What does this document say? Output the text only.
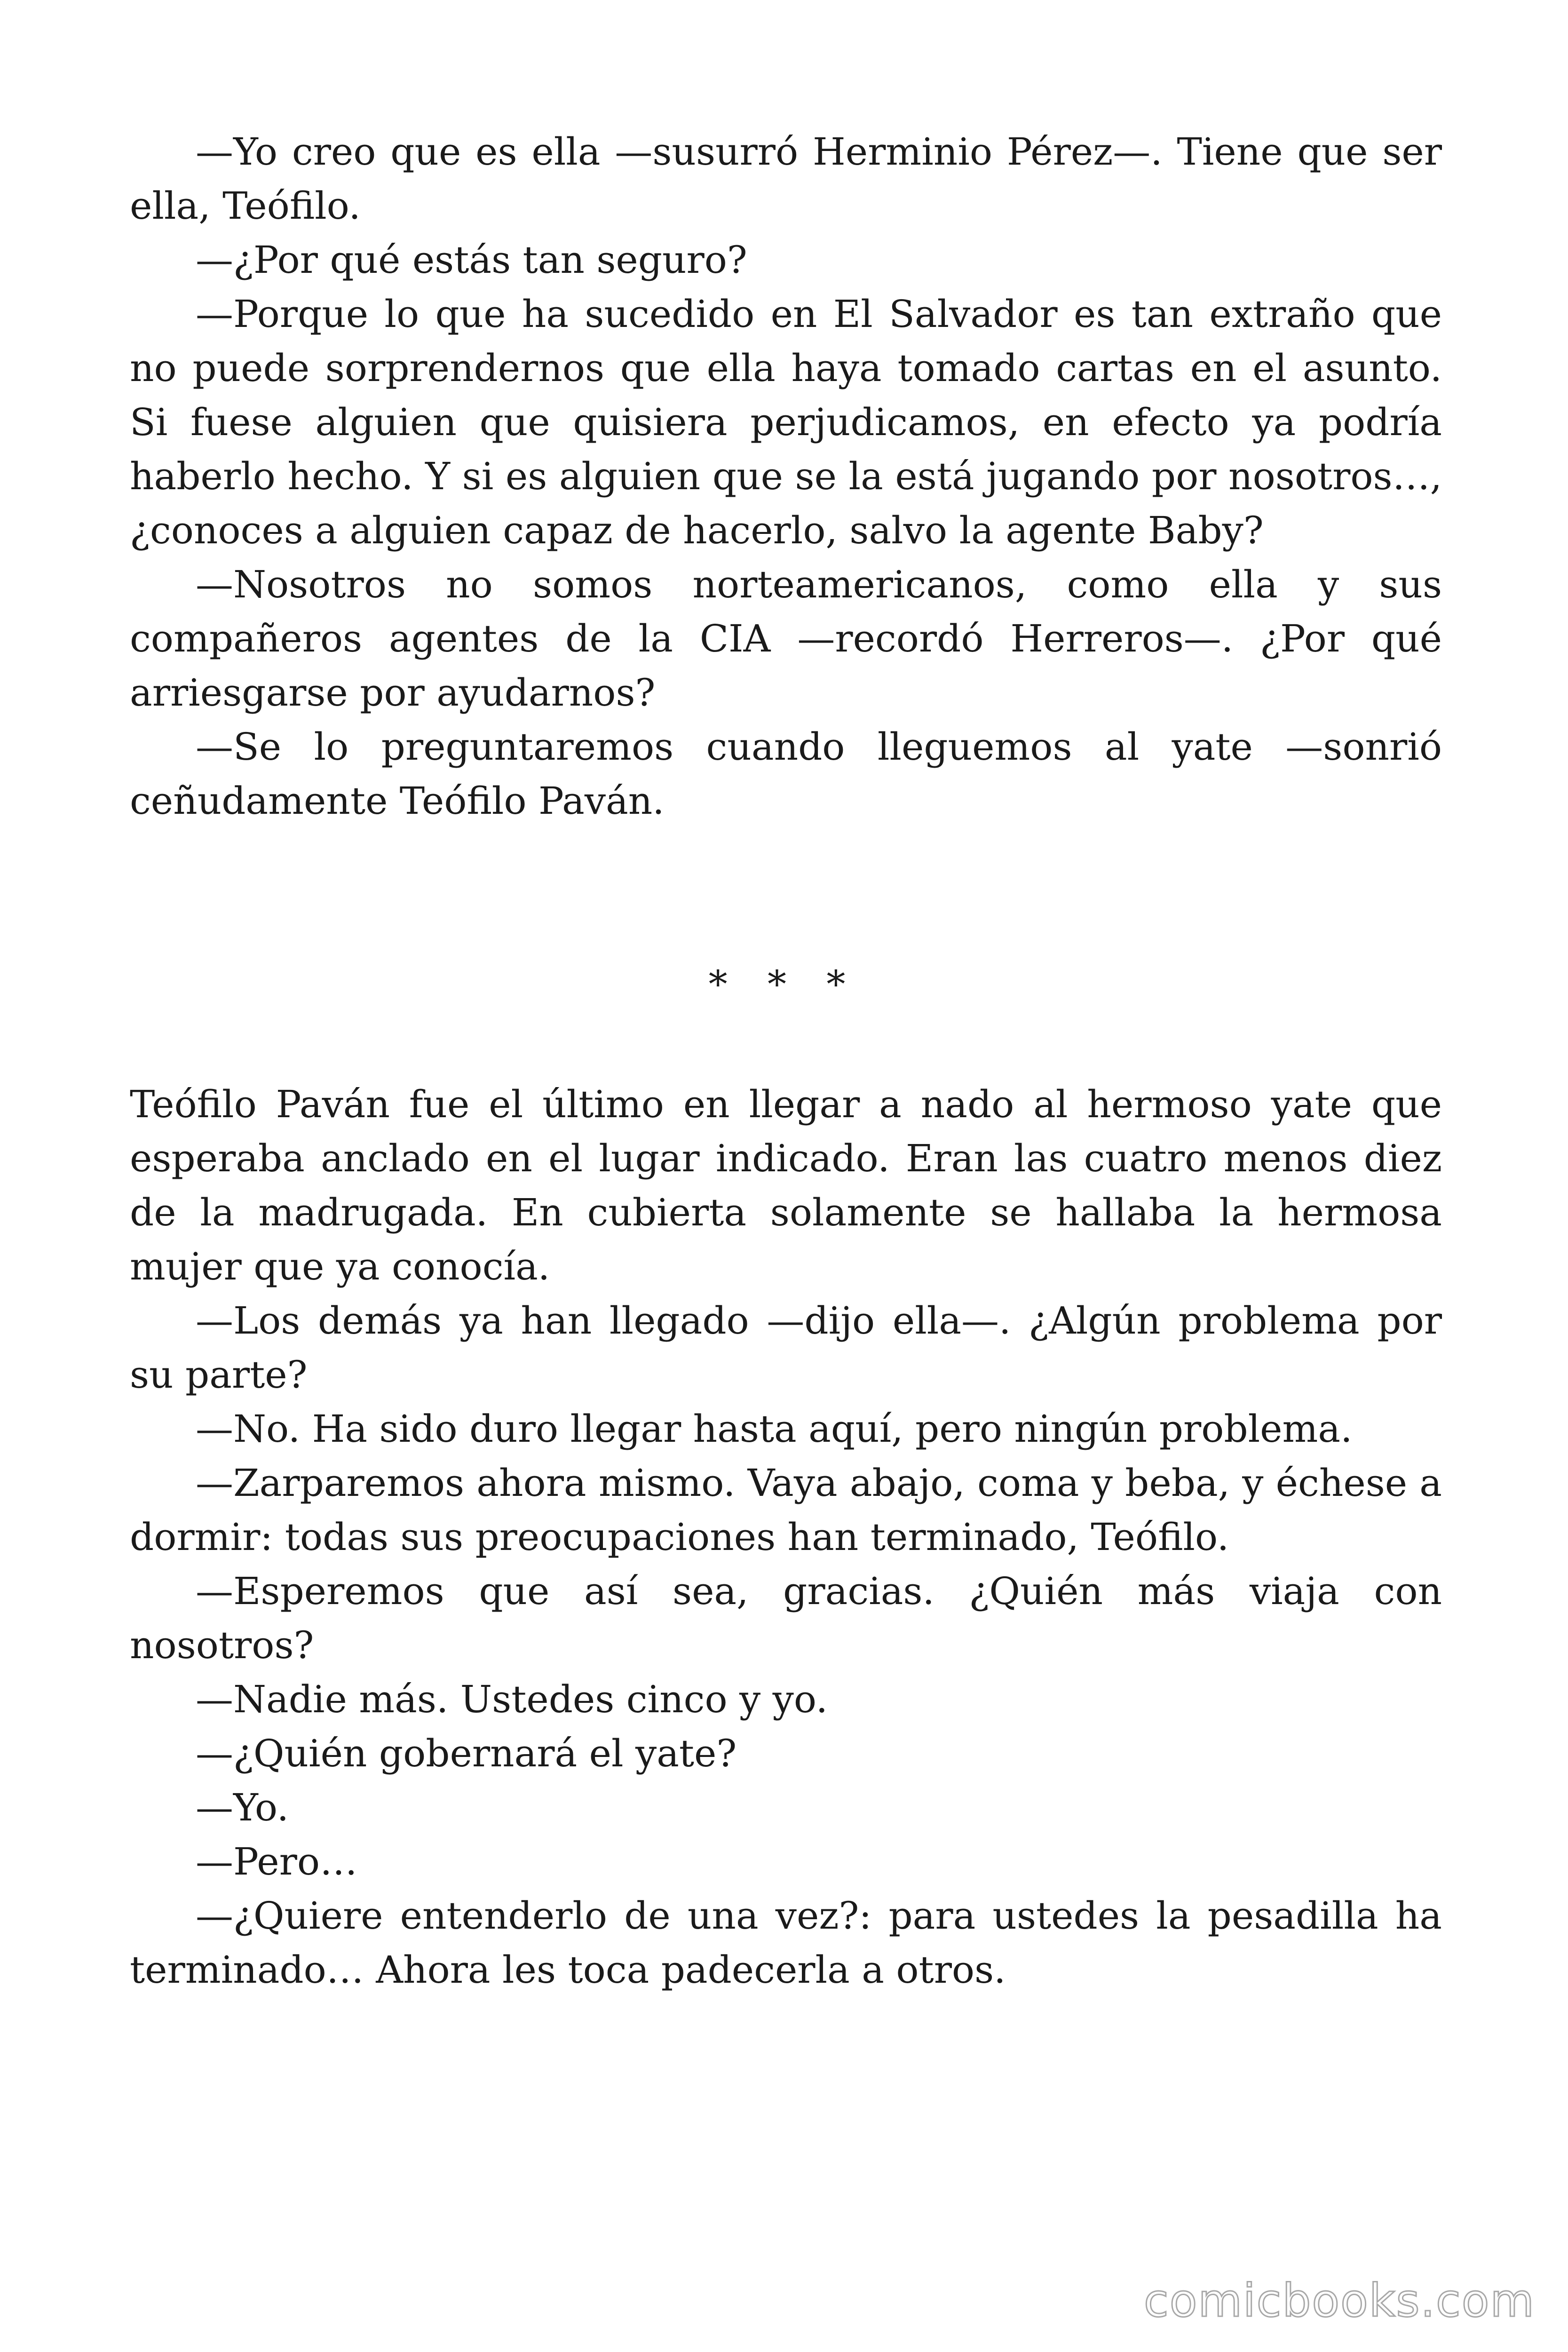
—Yo creo que es ella —susurró Herminio Pérez—. Tiene que ser ella, Teófilo.

—¿Por qué estás tan seguro?

—Porque lo que ha sucedido en El Salvador es tan extraño que no puede sorprendernos que ella haya tomado cartas en el asunto. Si fuese alguien que quisiera perjudicamos, en efecto ya podría haberlo hecho. Y si es alguien que se la está jugando por nosotros…, ¿conoces a alguien capaz de hacerlo, salvo la agente Baby?

—Nosotros no somos norteamericanos, como ella y sus compañeros agentes de la CIA —recordó Herreros—. ¿Por qué arriesgarse por ayudarnos?

—Se lo preguntaremos cuando lleguemos al yate —sonrió ceñudamente Teófilo Paván.

* * *

Teófilo Paván fue el último en llegar a nado al hermoso yate que esperaba anclado en el lugar indicado. Eran las cuatro menos diez de la madrugada. En cubierta solamente se hallaba la hermosa mujer que ya conocía.

—Los demás ya han llegado —dijo ella—. ¿Algún problema por su parte?

—No. Ha sido duro llegar hasta aquí, pero ningún problema.

—Zarparemos ahora mismo. Vaya abajo, coma y beba, y échese a dormir: todas sus preocupaciones han terminado, Teófilo.

—Esperemos que así sea, gracias. ¿Quién más viaja con nosotros?

—Nadie más. Ustedes cinco y yo.

—¿Quién gobernará el yate?

—Yo.

—Pero…

—¿Quiere entenderlo de una vez?: para ustedes la pesadilla ha terminado… Ahora les toca padecerla a otros.

comicbooks.com
